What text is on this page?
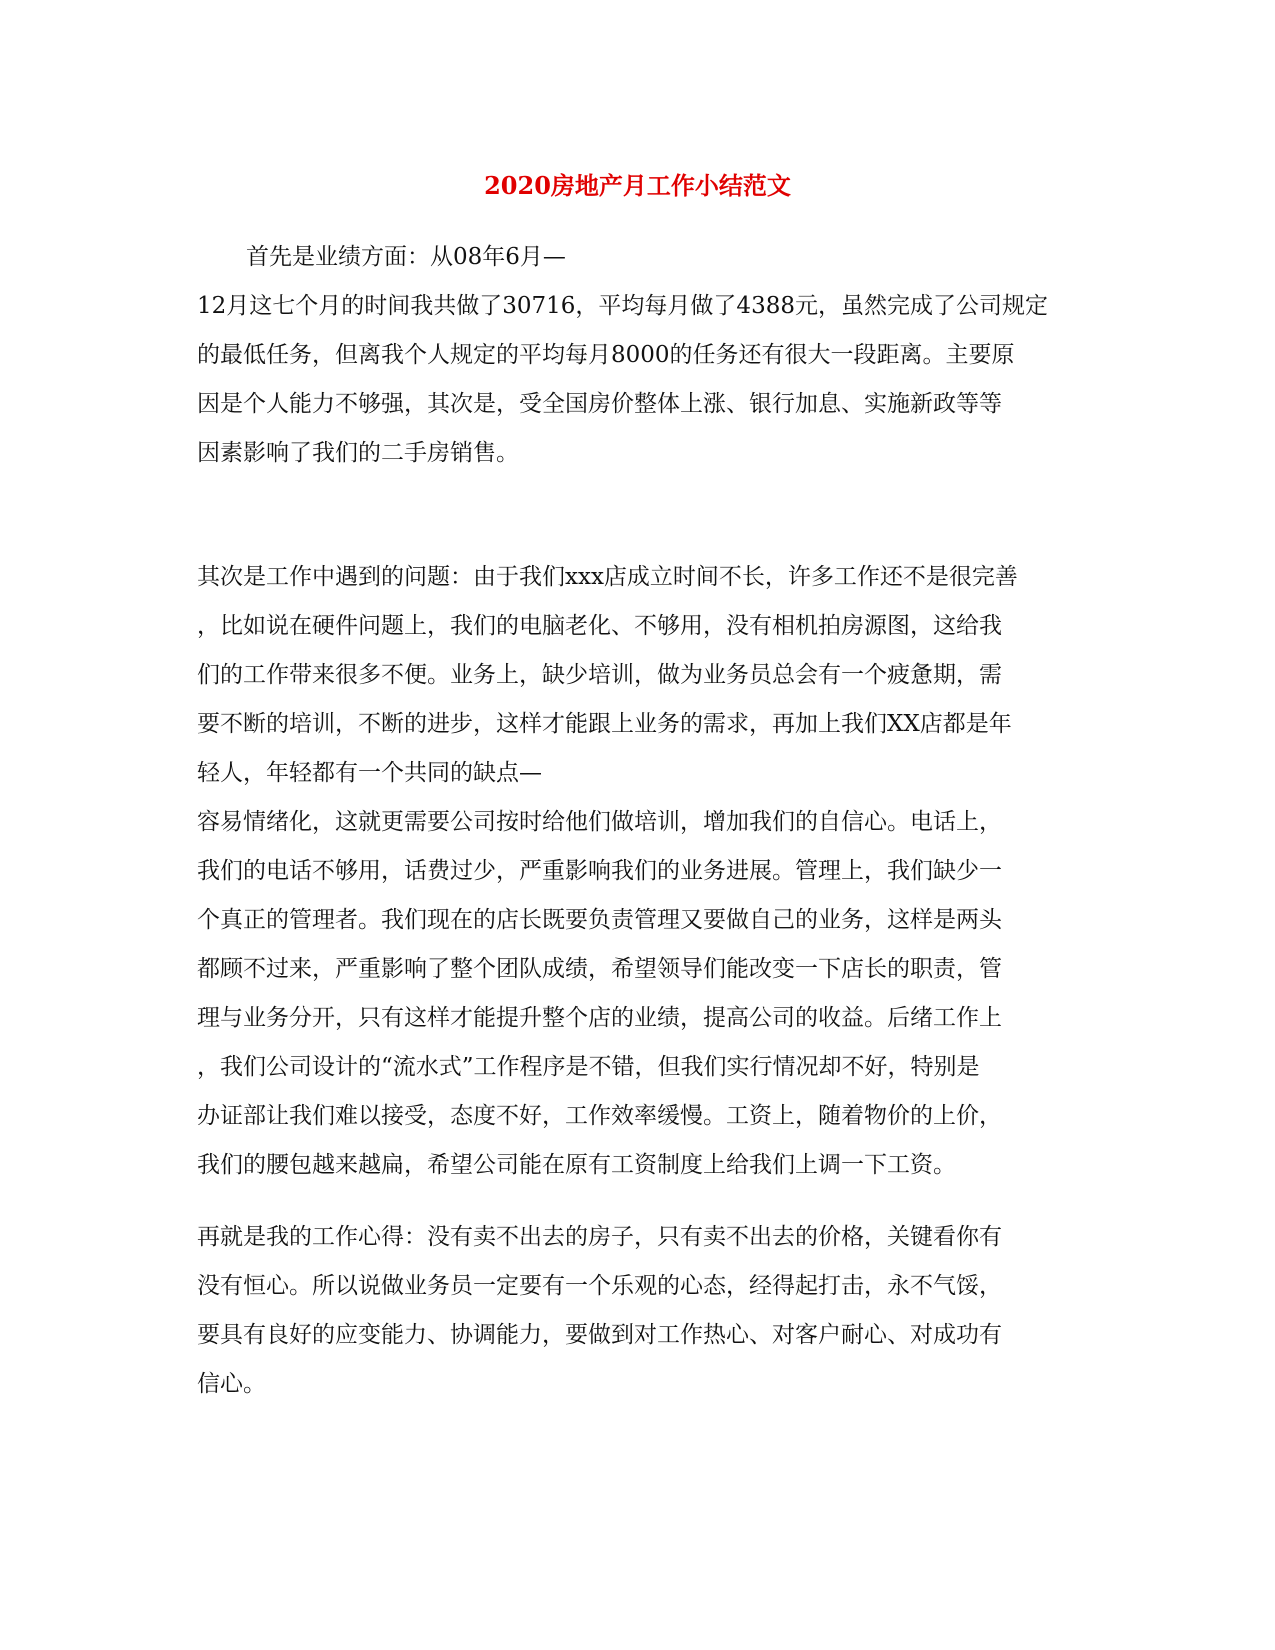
2020房地产月工作小结范文
首先是业绩方面：从08年6月—
12月这七个月的时间我共做了30716，平均每月做了4388元，虽然完成了公司规定
的最低任务，但离我个人规定的平均每月8000的任务还有很大一段距离。主要原
因是个人能力不够强，其次是，受全国房价整体上涨、银行加息、实施新政等等
因素影响了我们的二手房销售。
其次是工作中遇到的问题：由于我们xxx店成立时间不长，许多工作还不是很完善
，比如说在硬件问题上，我们的电脑老化、不够用，没有相机拍房源图，这给我
们的工作带来很多不便。业务上，缺少培训，做为业务员总会有一个疲惫期，需
要不断的培训，不断的进步，这样才能跟上业务的需求，再加上我们XX店都是年
轻人，年轻都有一个共同的缺点—
容易情绪化，这就更需要公司按时给他们做培训，增加我们的自信心。电话上，
我们的电话不够用，话费过少，严重影响我们的业务进展。管理上，我们缺少一
个真正的管理者。我们现在的店长既要负责管理又要做自己的业务，这样是两头
都顾不过来，严重影响了整个团队成绩，希望领导们能改变一下店长的职责，管
理与业务分开，只有这样才能提升整个店的业绩，提高公司的收益。后绪工作上
，我们公司设计的“流水式”工作程序是不错，但我们实行情况却不好，特别是
办证部让我们难以接受，态度不好，工作效率缓慢。工资上，随着物价的上价，
我们的腰包越来越扁，希望公司能在原有工资制度上给我们上调一下工资。
再就是我的工作心得：没有卖不出去的房子，只有卖不出去的价格，关键看你有
没有恒心。所以说做业务员一定要有一个乐观的心态，经得起打击，永不气馁，
要具有良好的应变能力、协调能力，要做到对工作热心、对客户耐心、对成功有
信心。
